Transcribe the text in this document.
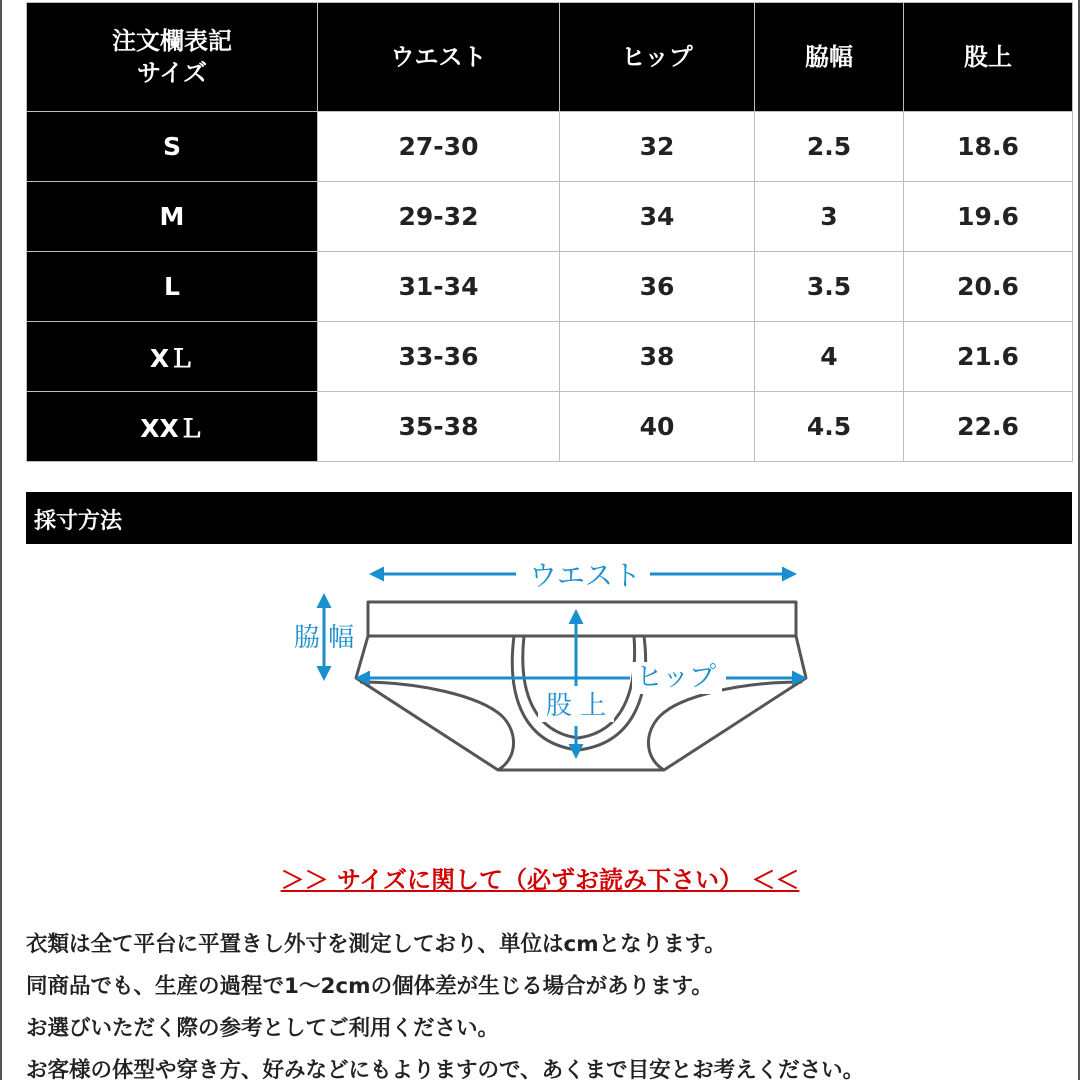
注文欄表記
サイズ	ウエスト	ヒップ	脇幅	股上
S	27-30	32	2.5	18.6
M	29-32	34	3	19.6
L	31-34	36	3.5	20.6
XＬ	33-36	38	4	21.6
XXＬ	35-38	40	4.5	22.6
採寸方法
ウエスト
脇 幅
ヒップ
股 上
＞＞ サイズに関して（必ずお読み下さい） ＜＜

衣類は全て平台に平置きし外寸を測定しており、単位はcmとなります。

同商品でも、生産の過程で1～2cmの個体差が生じる場合があります。

お選びいただく際の参考としてご利用ください。

お客様の体型や穿き方、好みなどにもよりますので、あくまで目安とお考えください。
